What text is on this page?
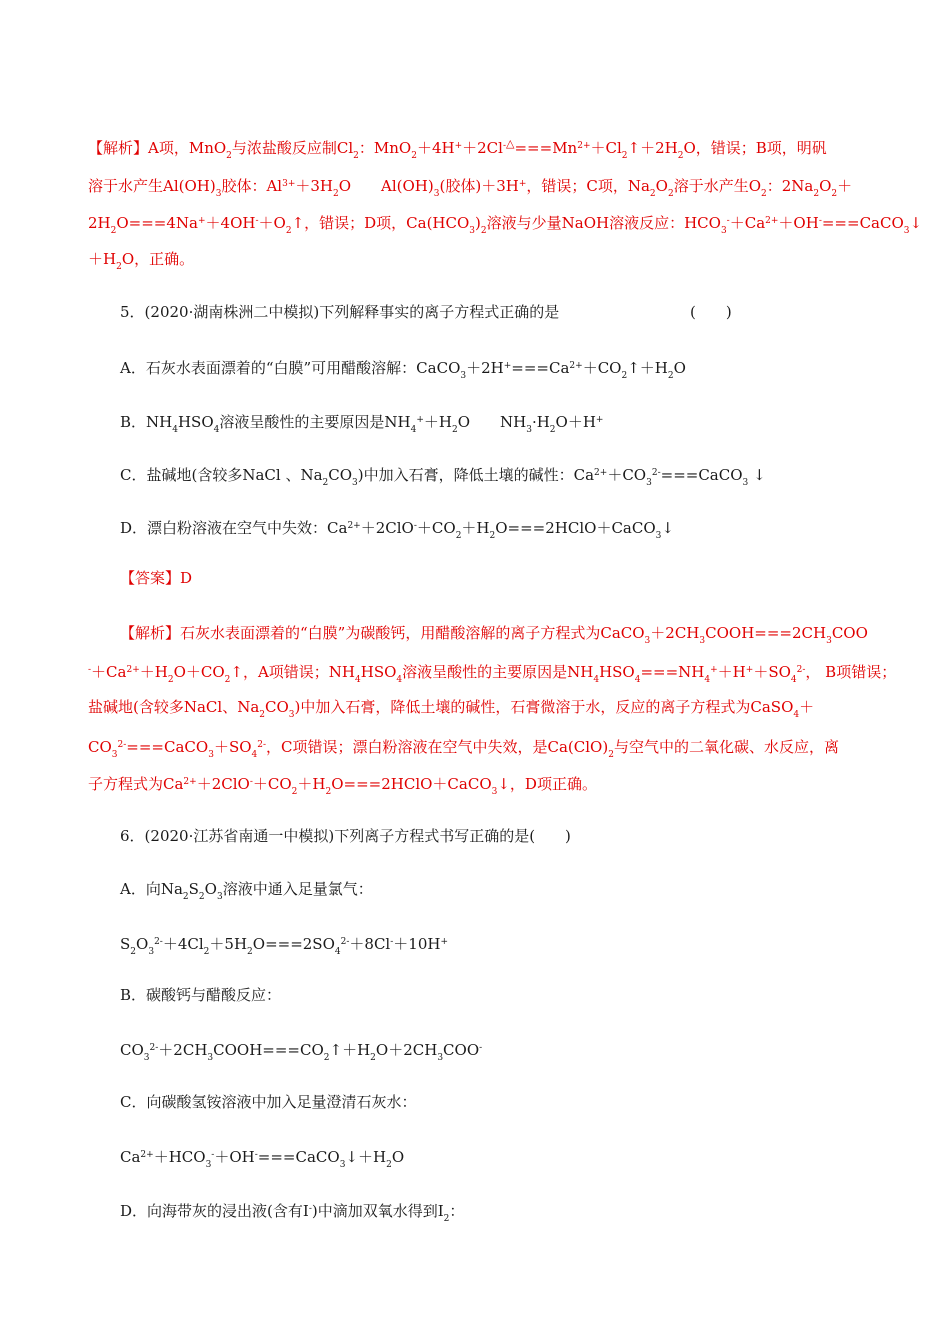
【解析】A项，MnO$_2$与浓盐酸反应制$Cl_2$：$MnO_2+4H^++2Cl^{-\triangle}===Mn^{2+}+Cl_2↑+2H_2O$，错误；B项，明矾
溶于水产生$Al(OH)_3$胶体：$Al^{3+}+3H_2O$　　$Al(OH)_3$(胶体)＋3H+，错误；C项，$Na_2O_2$溶于水产生$O_2$：$2Na_2O_2+$
$2H_2O===4Na^++4OH^-+O_2↑$，错误；D项，$Ca(HCO_3)_2$溶液与少量NaOH溶液反应：$HCO_3^-+Ca^{2+}+OH^-===CaCO_3↓$
$+H_2O$，正确。
5．(2020·湖南株洲二中模拟)下列解释事实的离子方程式正确的是	(　　)
A．石灰水表面漂着的“白膜”可用醋酸溶解：$CaCO_3+2H^+===Ca^{2+}+CO_2↑+H_2O$
B．$NH_4HSO_4$溶液呈酸性的主要原因是$NH_4^++H_2O$　　$NH_3\cdot H_2O+H^+$
C．盐碱地(含较多NaCl 、$Na_2CO_3$)中加入石膏，降低土壤的碱性：$Ca^{2+}+CO_3^{2-}===CaCO_3$ ↓
D．漂白粉溶液在空气中失效：$Ca^{2+}+2ClO^-+CO_2+H_2O===2HClO+CaCO_3↓$
【答案】D
【解析】石灰水表面漂着的“白膜”为碳酸钙，用醋酸溶解的离子方程式为$CaCO_3+2CH_3COOH===2CH_3COO$
$^-+Ca^{2+}+H_2O+CO_2↑$，A项错误；$NH_4HSO_4$溶液呈酸性的主要原因是$NH_4HSO_4===NH_4^++H^++SO_4^{2-}$， B项错误；
盐碱地(含较多NaCl、$Na_2CO_3$)中加入石膏，降低土壤的碱性，石膏微溶于水，反应的离子方程式为CaSO$_4$＋
$CO_3^{2-}===CaCO_3+SO_4^{2-}$，C项错误；漂白粉溶液在空气中失效，是$Ca(ClO)_2$与空气中的二氧化碳、水反应，离
子方程式为$Ca^{2+}+2ClO^-+CO_2+H_2O===2HClO+CaCO_3↓$，D项正确。
6．(2020·江苏省南通一中模拟)下列离子方程式书写正确的是(　　)
A．向$Na_2S_2O_3$溶液中通入足量氯气：
$S_2O_3^{2-}+4Cl_2+5H_2O===2SO_4^{2-}+8Cl^-+10H^+$
B．碳酸钙与醋酸反应：
$CO_3^{2-}+2CH_3COOH===CO_2↑+H_2O+2CH_3COO^-$
C．向碳酸氢铵溶液中加入足量澄清石灰水：
$Ca^{2+}+HCO_3^-+OH^-===CaCO_3↓+H_2O$
D．向海带灰的浸出液(含有I-)中滴加双氧水得到$I_2$：
